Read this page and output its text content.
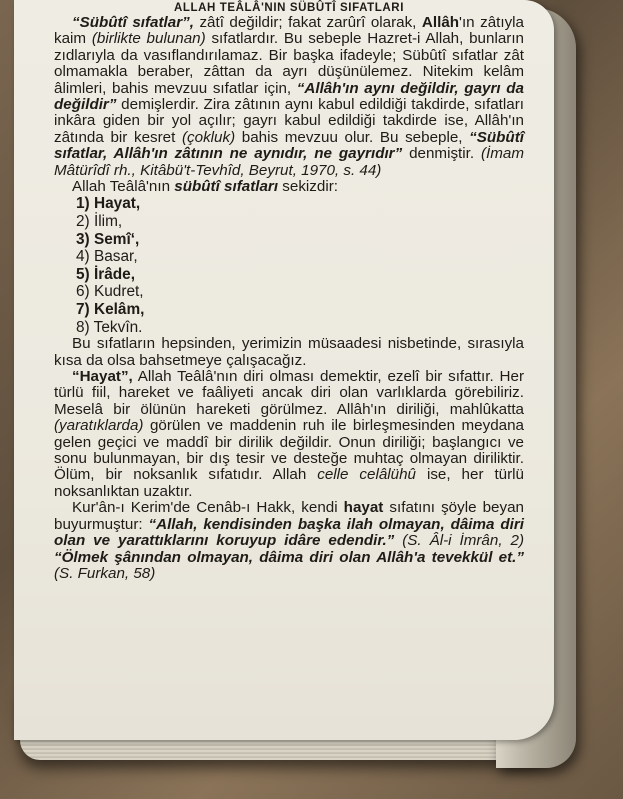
ALLAH TEÂLÂ'NIN SÜBÛTÎ SIFATLARI

“Sübûtî sıfatlar”, zâtî değildir; fakat zarûrî olarak, Allâh'ın zâtıyla kaim (birlikte bulunan) sıfatlardır. Bu sebeple Hazret-i Allah, bunların zıdlarıyla da vasıflandırılamaz. Bir başka ifadeyle; Sübûtî sıfatlar zât olmamakla beraber, zâttan da ayrı düşünülemez. Nitekim kelâm âlimleri, bahis mevzuu sıfatlar için, “Allâh'ın aynı değildir, gayrı da değildir” demişlerdir. Zira zâtının aynı kabul edildiği takdirde, sıfatları inkâra giden bir yol açılır; gayrı kabul edildiği takdirde ise, Allâh'ın zâtında bir kesret (çokluk) bahis mevzuu olur. Bu sebeple, “Sübûtî sıfatlar, Allâh'ın zâtının ne aynıdır, ne gayrıdır” denmiştir. (İmam Mâtürîdî rh., Kitâbü't-Tevhîd, Beyrut, 1970, s. 44)

Allah Teâlâ'nın sübûtî sıfatları sekizdir:

1) Hayat,
2) İlim,
3) Semî‘,
4) Basar,
5) İrâde,
6) Kudret,
7) Kelâm,
8) Tekvîn.

Bu sıfatların hepsinden, yerimizin müsaadesi nisbetinde, sırasıyla kısa da olsa bahsetmeye çalışacağız.

“Hayat”, Allah Teâlâ'nın diri olması demektir, ezelî bir sıfattır. Her türlü fiil, hareket ve faâliyeti ancak diri olan varlıklarda görebiliriz. Meselâ bir ölünün hareketi görülmez. Allâh'ın diriliği, mahlûkatta (yaratıklarda) görülen ve maddenin ruh ile birleşmesinden meydana gelen geçici ve maddî bir dirilik değildir. Onun diriliği; başlangıcı ve sonu bulunmayan, bir dış tesir ve desteğe muhtaç olmayan diriliktir. Ölüm, bir noksanlık sıfatıdır. Allah celle celâlühû ise, her türlü noksanlıktan uzaktır.

Kur'ân-ı Kerim'de Cenâb-ı Hakk, kendi hayat sıfatını şöyle beyan buyurmuştur: “Allah, kendisinden başka ilah olmayan, dâima diri olan ve yarattıklarını koruyup idâre edendir.” (S. Âl-i İmrân, 2) “Ölmek şânından olmayan, dâima diri olan Allâh'a tevekkül et.” (S. Furkan, 58)
